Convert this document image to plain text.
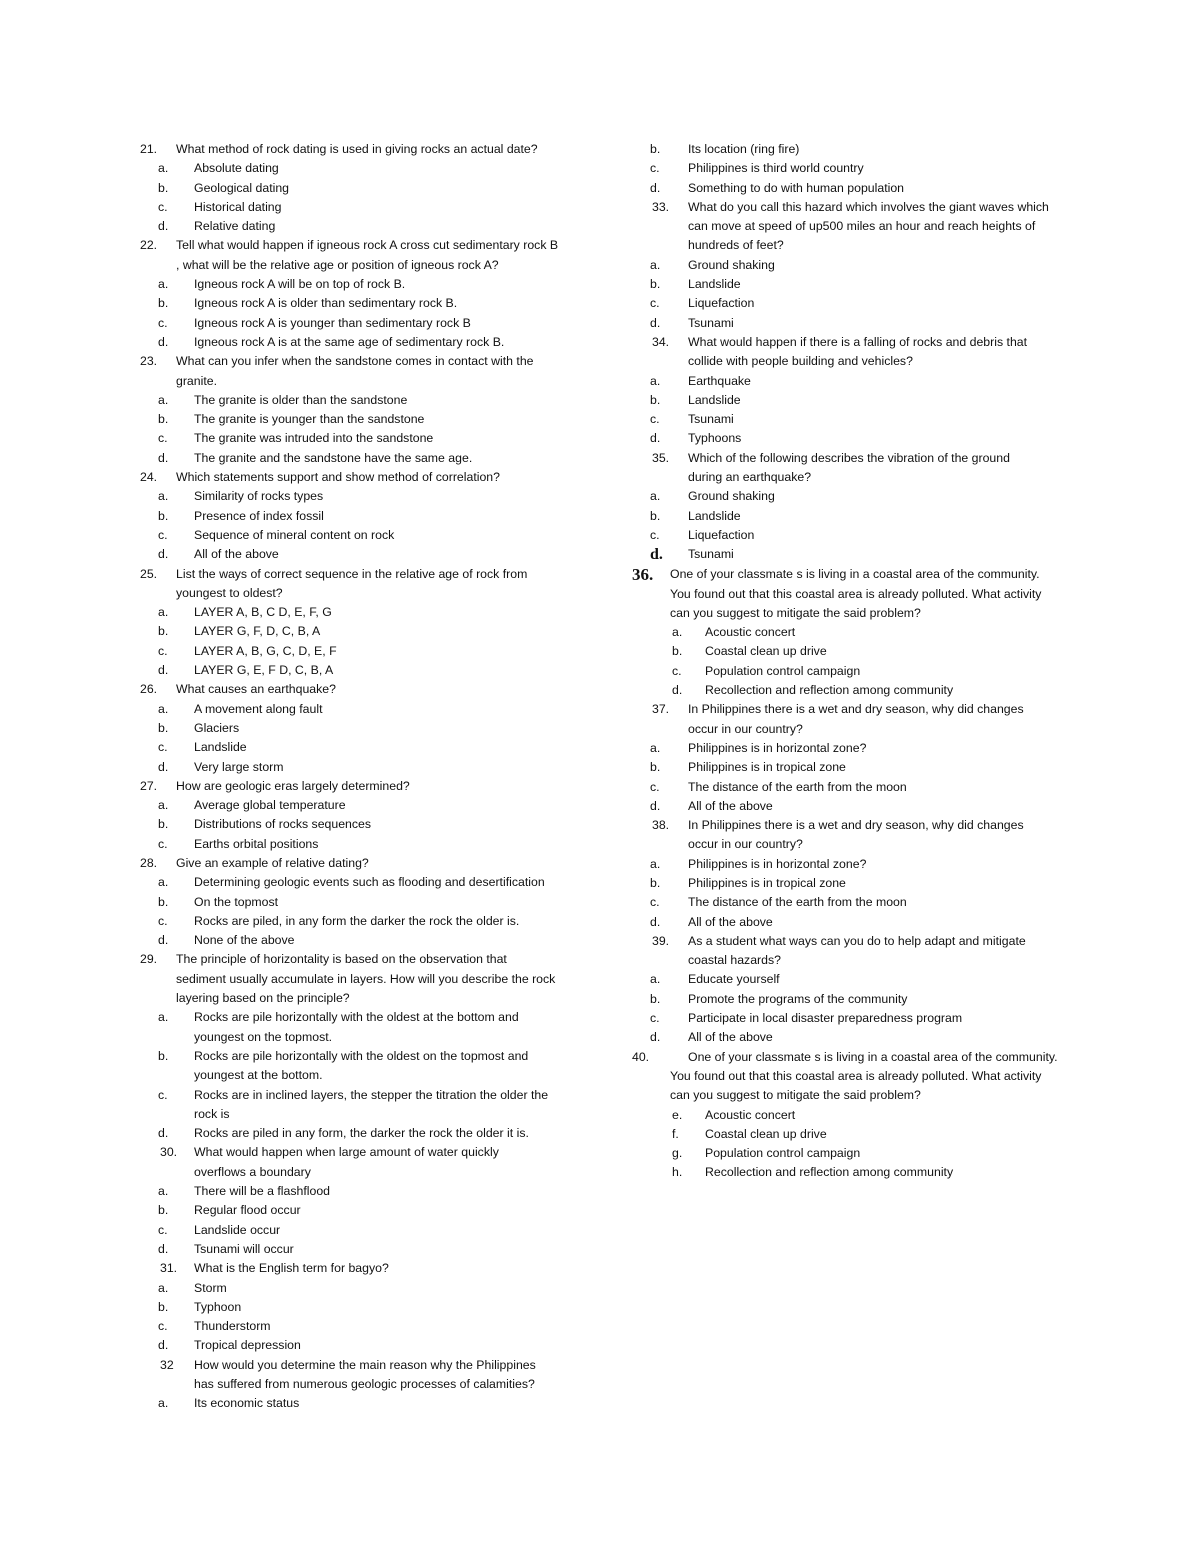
21. What method of rock dating is used in giving rocks an actual date?
a. Absolute dating
b. Geological dating
c. Historical dating
d. Relative dating
22. Tell what would happen if igneous rock A cross cut sedimentary rock B
, what will be the relative age or position of igneous rock A?
a. Igneous rock A will be on top of rock B.
b. Igneous rock A is older than sedimentary rock B.
c. Igneous rock A is younger than sedimentary rock B
d. Igneous rock A is at the same age of sedimentary rock B.
23. What can you infer when the sandstone comes in contact with the
granite.
a. The granite is older than the sandstone
b. The granite is younger than the sandstone
c. The granite was intruded into the sandstone
d. The granite and the sandstone have the same age.
24. Which statements support and show method of correlation?
a. Similarity of rocks types
b. Presence of index fossil
c. Sequence of mineral content on rock
d. All of the above
25. List the ways of correct sequence in the relative age of rock from
youngest to oldest?
a. LAYER A, B, C D, E, F, G
b. LAYER G, F, D, C, B, A
c. LAYER A, B, G, C, D, E, F
d. LAYER G, E, F D, C, B, A
26. What causes an earthquake?
a. A movement along fault
b. Glaciers
c. Landslide
d. Very large storm
27. How are geologic eras largely determined?
a. Average global temperature
b. Distributions of rocks sequences
c. Earths orbital positions
28. Give an example of relative dating?
a. Determining geologic events such as flooding and desertification
b. On the topmost
c. Rocks are piled, in any form the darker the rock the older is.
d. None of the above
29. The principle of horizontality is based on the observation that
sediment usually accumulate in layers. How will you describe the rock
layering based on the principle?
a. Rocks are pile horizontally with the oldest at the bottom and
youngest on the topmost.
b. Rocks are pile horizontally with the oldest on the topmost and
youngest at the bottom.
c. Rocks are in inclined layers, the stepper the titration the older the
rock is
d. Rocks are piled in any form, the darker the rock the older it is.
30. What would happen when large amount of water quickly
overflows a boundary
a. There will be a flashflood
b. Regular flood occur
c. Landslide occur
d. Tsunami will occur
31. What is the English term for bagyo?
a. Storm
b. Typhoon
c. Thunderstorm
d. Tropical depression
32 How would you determine the main reason why the Philippines
has suffered from numerous geologic processes of calamities?
a. Its economic status
b. Its location (ring fire)
c. Philippines is third world country
d. Something to do with human population
33. What do you call this hazard which involves the giant waves which
can move at speed of up500 miles an hour and reach heights of
hundreds of feet?
a. Ground shaking
b. Landslide
c. Liquefaction
d. Tsunami
34. What would happen if there is a falling of rocks and debris that
collide with people building and vehicles?
a. Earthquake
b. Landslide
c. Tsunami
d. Typhoons
35. Which of the following describes the vibration of the ground
during an earthquake?
a. Ground shaking
b. Landslide
c. Liquefaction
d. Tsunami
36. One of your classmate s is living in a coastal area of the community.
You found out that this coastal area is already polluted. What activity
can you suggest to mitigate the said problem?
a. Acoustic concert
b. Coastal clean up drive
c. Population control campaign
d. Recollection and reflection among community
37. In Philippines there is a wet and dry season, why did changes
occur in our country?
a. Philippines is in horizontal zone?
b. Philippines is in tropical zone
c. The distance of the earth from the moon
d. All of the above
38. In Philippines there is a wet and dry season, why did changes
occur in our country?
a. Philippines is in horizontal zone?
b. Philippines is in tropical zone
c. The distance of the earth from the moon
d. All of the above
39. As a student what ways can you do to help adapt and mitigate
coastal hazards?
a. Educate yourself
b. Promote the programs of the community
c. Participate in local disaster preparedness program
d. All of the above
40.	One of your classmate s is living in a coastal area of the community.
You found out that this coastal area is already polluted. What activity
can you suggest to mitigate the said problem?
e. Acoustic concert
f. Coastal clean up drive
g. Population control campaign
h. Recollection and reflection among community
